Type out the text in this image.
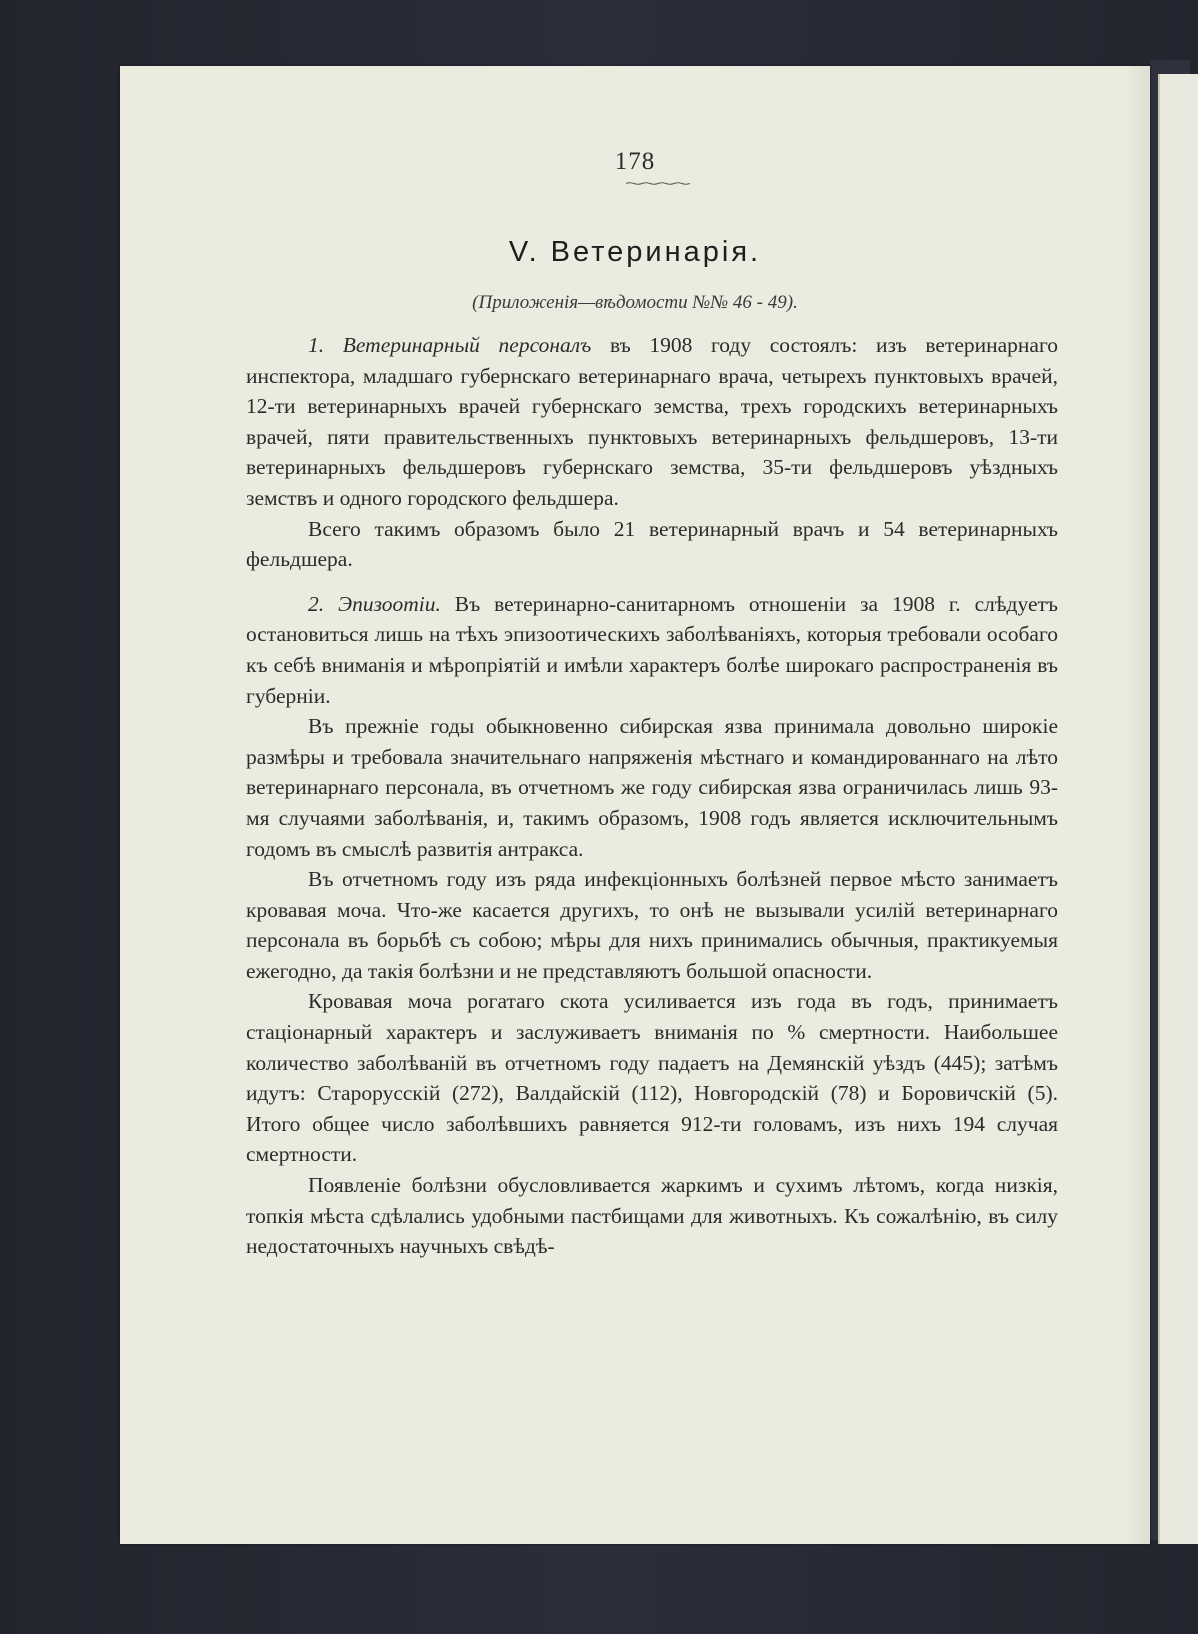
178
V. Ветеринарія.
(Приложенія—вѣдомости №№ 46 - 49).

1. Ветеринарный персоналъ въ 1908 году состоялъ: изъ ветеринарнаго инспектора, младшаго губернскаго ветеринарнаго врача, четырехъ пунктовыхъ врачей, 12-ти ветеринарныхъ врачей губернскаго земства, трехъ городскихъ ветеринарныхъ врачей, пяти правительственныхъ пунктовыхъ ветеринарныхъ фельдшеровъ, 13-ти ветеринарныхъ фельдшеровъ губернскаго земства, 35-ти фельдшеровъ уѣздныхъ земствъ и одного городского фельдшера.

Всего такимъ образомъ было 21 ветеринарный врачъ и 54 ветеринарныхъ фельдшера.

2. Эпизоотіи. Въ ветеринарно-санитарномъ отношеніи за 1908 г. слѣдуетъ остановиться лишь на тѣхъ эпизоотическихъ заболѣваніяхъ, которыя требовали особаго къ себѣ вниманія и мѣропріятій и имѣли характеръ болѣе широкаго распространенія въ губерніи.

Въ прежніе годы обыкновенно сибирская язва принимала довольно широкіе размѣры и требовала значительнаго напряженія мѣстнаго и командированнаго на лѣто ветеринарнаго персонала, въ отчетномъ же году сибирская язва ограничилась лишь 93-мя случаями заболѣванія, и, такимъ образомъ, 1908 годъ является исключительнымъ годомъ въ смыслѣ развитія антракса.

Въ отчетномъ году изъ ряда инфекціонныхъ болѣзней первое мѣсто занимаетъ кровавая моча. Что-же касается другихъ, то онѣ не вызывали усилій ветеринарнаго персонала въ борьбѣ съ собою; мѣры для нихъ принимались обычныя, практикуемыя ежегодно, да такія болѣзни и не представляютъ большой опасности.

Кровавая моча рогатаго скота усиливается изъ года въ годъ, принимаетъ стаціонарный характеръ и заслуживаетъ вниманія по % смертности. Наибольшее количество заболѣваній въ отчетномъ году падаетъ на Демянскій уѣздъ (445); затѣмъ идутъ: Старорусскій (272), Валдайскій (112), Новгородскій (78) и Боровичскій (5). Итого общее число заболѣвшихъ равняется 912-ти головамъ, изъ нихъ 194 случая смертности.

Появленіе болѣзни обусловливается жаркимъ и сухимъ лѣтомъ, когда низкія, топкія мѣста сдѣлались удобными пастбищами для животныхъ. Къ сожалѣнію, въ силу недостаточныхъ научныхъ свѣдѣ-
